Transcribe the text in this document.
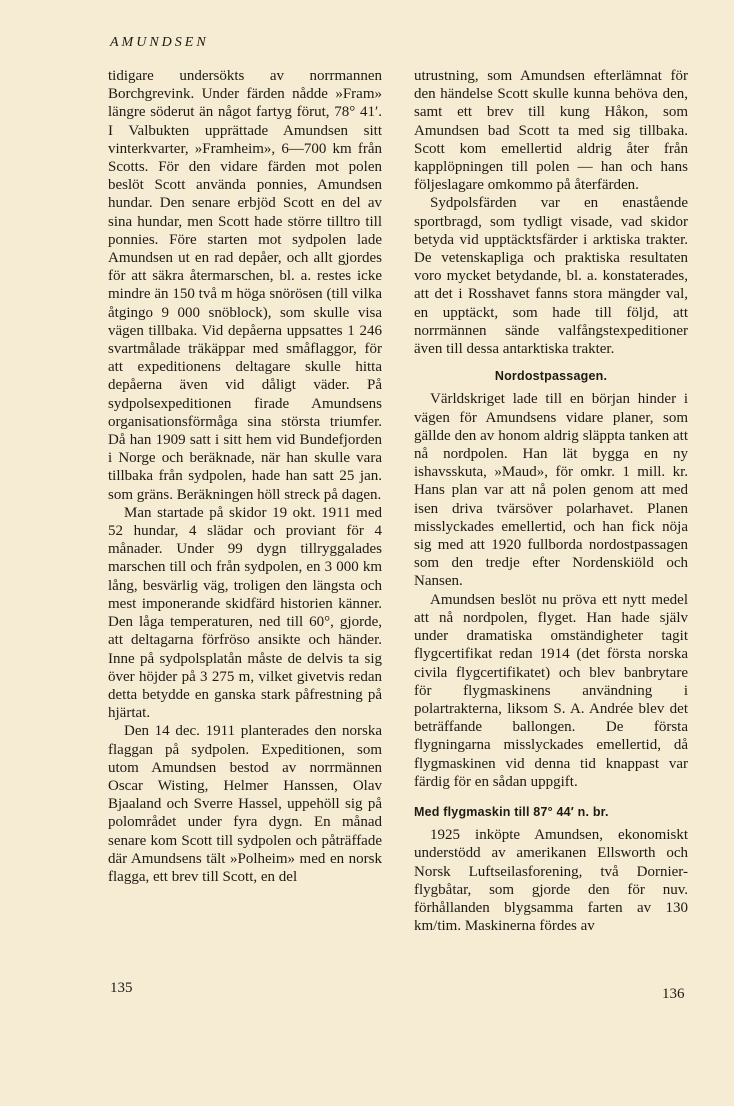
AMUNDSEN

tidigare undersökts av norrmannen Borchgrevink. Under färden nådde »Fram» längre söderut än något fartyg förut, 78° 41′. I Valbukten upprättade Amundsen sitt vinterkvarter, »Framheim», 6—700 km från Scotts. För den vidare färden mot polen beslöt Scott använda ponnies, Amundsen hundar. Den senare erbjöd Scott en del av sina hundar, men Scott hade större tilltro till ponnies. Före starten mot sydpolen lade Amundsen ut en rad depåer, och allt gjordes för att säkra återmarschen, bl. a. restes icke mindre än 150 två m höga snörösen (till vilka åtgingo 9 000 snöblock), som skulle visa vägen tillbaka. Vid depåerna uppsattes 1 246 svartmålade träkäppar med småflaggor, för att expeditionens deltagare skulle hitta depåerna även vid dåligt väder. På sydpolsexpeditionen firade Amundsens organisationsförmåga sina största triumfer. Då han 1909 satt i sitt hem vid Bundefjorden i Norge och beräknade, när han skulle vara tillbaka från sydpolen, hade han satt 25 jan. som gräns. Beräkningen höll streck på dagen.

Man startade på skidor 19 okt. 1911 med 52 hundar, 4 slädar och proviant för 4 månader. Under 99 dygn tillryggalades marschen till och från sydpolen, en 3 000 km lång, besvärlig väg, troligen den längsta och mest imponerande skidfärd historien känner. Den låga temperaturen, ned till 60°, gjorde, att deltagarna förfröso ansikte och händer. Inne på sydpolsplatån måste de delvis ta sig över höjder på 3 275 m, vilket givetvis redan detta betydde en ganska stark påfrestning på hjärtat.

Den 14 dec. 1911 planterades den norska flaggan på sydpolen. Expeditionen, som utom Amundsen bestod av norrmännen Oscar Wisting, Helmer Hanssen, Olav Bjaaland och Sverre Hassel, uppehöll sig på polområdet under fyra dygn. En månad senare kom Scott till sydpolen och påträffade där Amundsens tält »Polheim» med en norsk flagga, ett brev till Scott, en del

utrustning, som Amundsen efterlämnat för den händelse Scott skulle kunna behöva den, samt ett brev till kung Håkon, som Amundsen bad Scott ta med sig tillbaka. Scott kom emellertid aldrig åter från kapplöpningen till polen — han och hans följeslagare omkommo på återfärden.

Sydpolsfärden var en enastående sportbragd, som tydligt visade, vad skidor betyda vid upptäcktsfärder i arktiska trakter. De vetenskapliga och praktiska resultaten voro mycket betydande, bl. a. konstaterades, att det i Rosshavet fanns stora mängder val, en upptäckt, som hade till följd, att norrmännen sände valfångstexpeditioner även till dessa antarktiska trakter.

Nordostpassagen.

Världskriget lade till en början hinder i vägen för Amundsens vidare planer, som gällde den av honom aldrig släppta tanken att nå nordpolen. Han lät bygga en ny ishavsskuta, »Maud», för omkr. 1 mill. kr. Hans plan var att nå polen genom att med isen driva tvärsöver polarhavet. Planen misslyckades emellertid, och han fick nöja sig med att 1920 fullborda nordostpassagen som den tredje efter Nordenskiöld och Nansen.

Amundsen beslöt nu pröva ett nytt medel att nå nordpolen, flyget. Han hade själv under dramatiska omständigheter tagit flygcertifikat redan 1914 (det första norska civila flygcertifikatet) och blev banbrytare för flygmaskinens användning i polartrakterna, liksom S. A. Andrée blev det beträffande ballongen. De första flygningarna misslyckades emellertid, då flygmaskinen vid denna tid knappast var färdig för en sådan uppgift.

Med flygmaskin till 87° 44′ n. br.

1925 inköpte Amundsen, ekonomiskt understödd av amerikanen Ellsworth och Norsk Luftseilasforening, två Dornier-flygbåtar, som gjorde den för nuv. förhållanden blygsamma farten av 130 km/tim. Maskinerna fördes av

135	136
